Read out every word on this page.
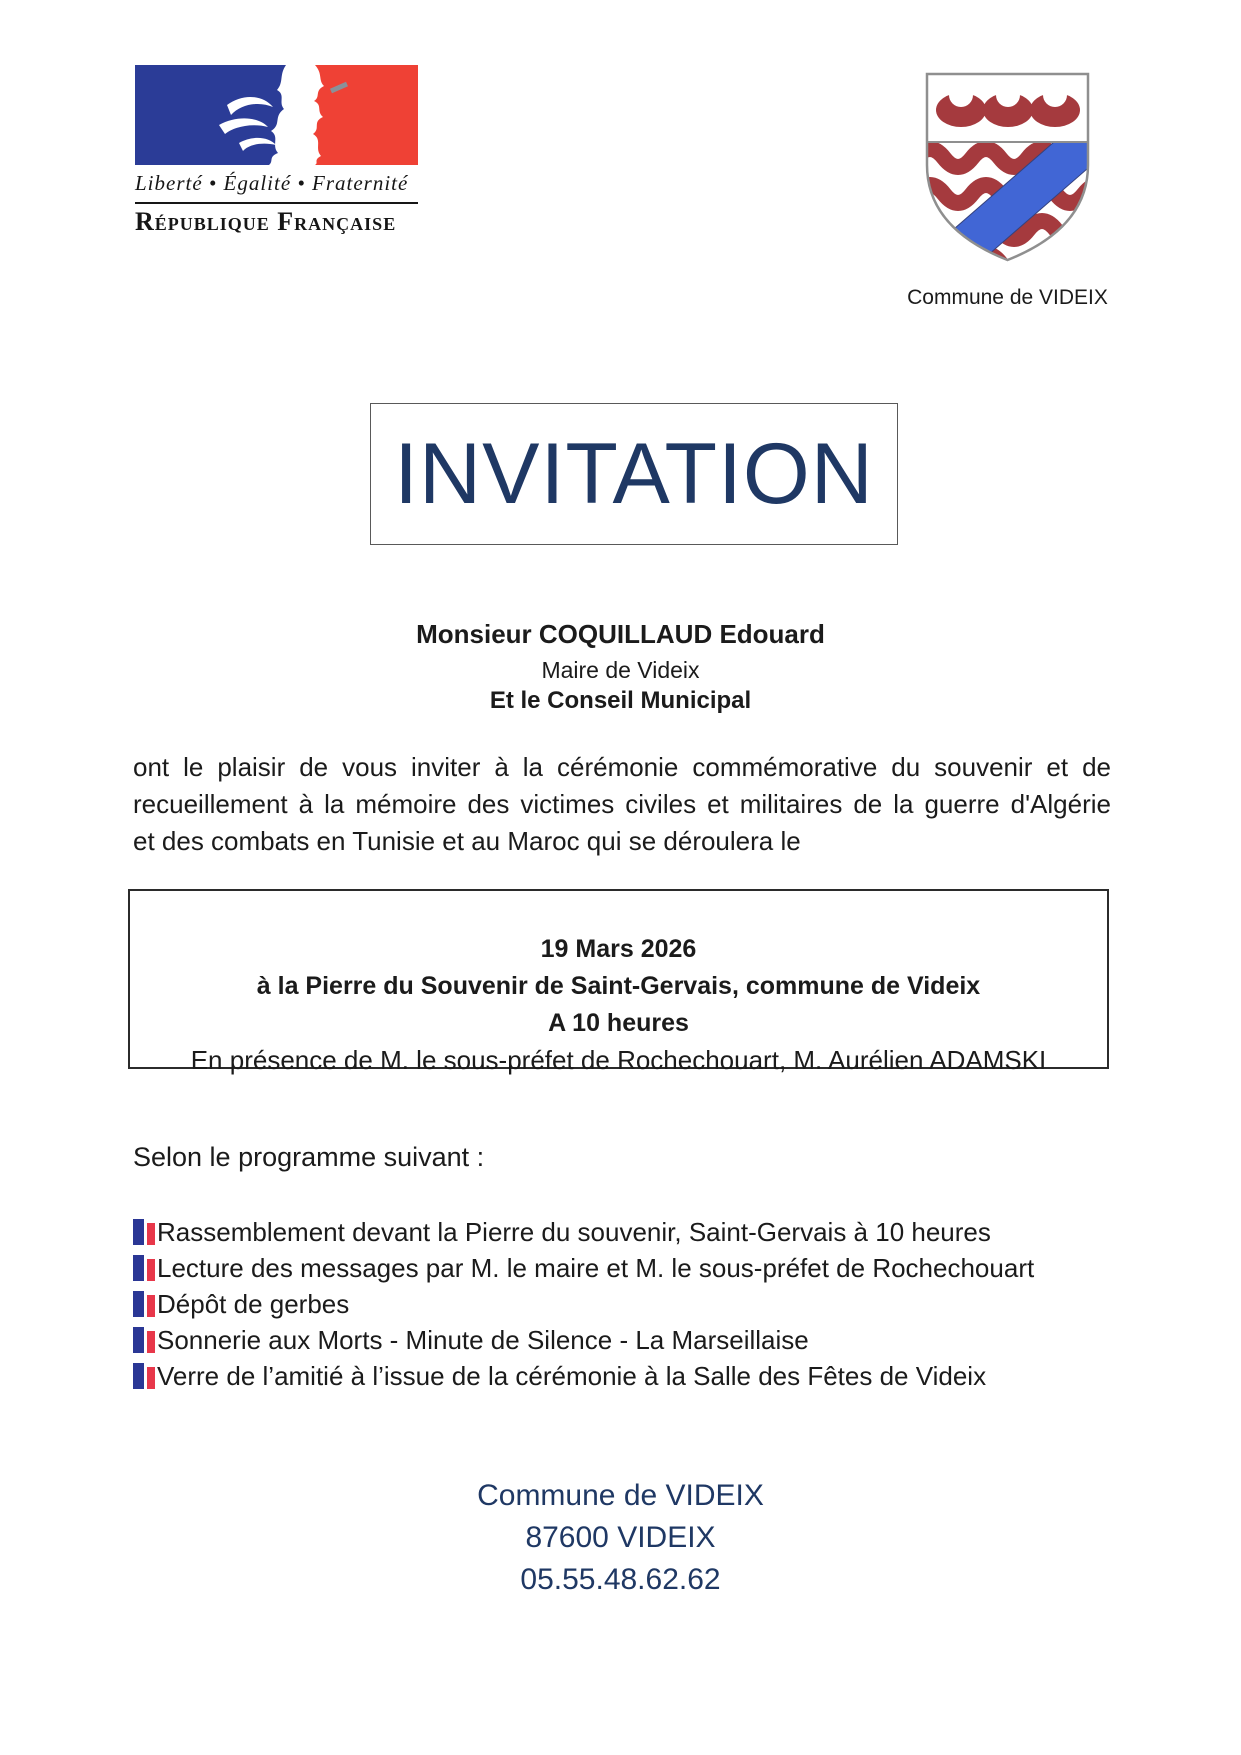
Liberté • Égalité • Fraternité
République Française
Commune de VIDEIX
INVITATION
Monsieur COQUILLAUD Edouard
Maire de Videix
Et le Conseil Municipal
ont le plaisir de vous inviter à la cérémonie commémorative du souvenir et de
recueillement à la mémoire des victimes civiles et militaires de la guerre d'Algérie
et des combats en Tunisie et au Maroc qui se déroulera le
19 Mars 2026
à la Pierre du Souvenir de Saint-Gervais, commune de Videix
A 10 heures
En présence de M. le sous-préfet de Rochechouart, M. Aurélien ADAMSKI
Selon le programme suivant :
Rassemblement devant la Pierre du souvenir, Saint-Gervais à 10 heures
Lecture des messages par M. le maire et M. le sous-préfet de Rochechouart
Dépôt de gerbes
Sonnerie aux Morts - Minute de Silence - La Marseillaise
Verre de l’amitié à l’issue de la cérémonie à la Salle des Fêtes de Videix
Commune de VIDEIX
87600 VIDEIX
05.55.48.62.62
